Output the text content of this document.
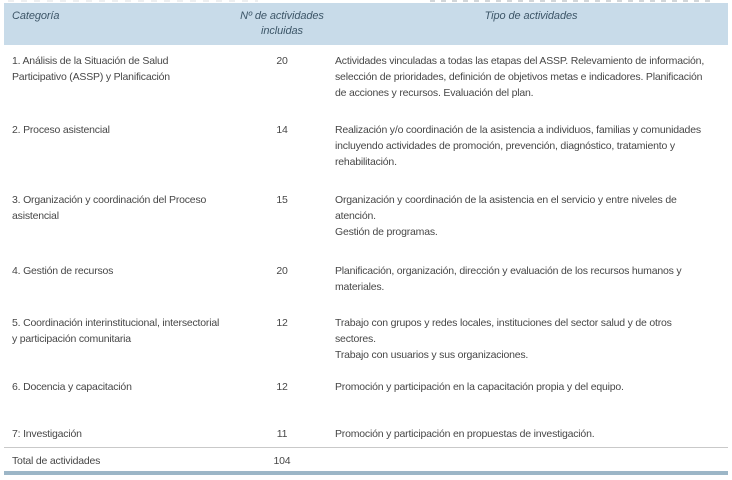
Categoría	Nº de actividades incluidas	Tipo de actividades
1. Análisis de la Situación de Salud Participativo (ASSP) y Planificación	20	Actividades vinculadas a todas las etapas del ASSP. Relevamiento de información, selección de prioridades, definición de objetivos metas e indicadores. Planificación de acciones y recursos. Evaluación del plan.

2. Proceso asistencial	14	Realización y/o coordinación de la asistencia a individuos, familias y comunidades incluyendo actividades de promoción, prevención, diagnóstico, tratamiento y rehabilitación.

3. Organización y coordinación del Proceso asistencial	15	Organización y coordinación de la asistencia en el servicio y entre niveles de atención.
Gestión de programas.

4. Gestión de recursos	20	Planificación, organización, dirección y evaluación de los recursos humanos y materiales.

5. Coordinación interinstitucional, intersectorial y participación comunitaria	12	Trabajo con grupos y redes locales, instituciones del sector salud y de otros sectores.
Trabajo con usuarios y sus organizaciones.

6. Docencia y capacitación	12	Promoción y participación en la capacitación propia y del equipo.

7: Investigación	11	Promoción y participación en propuestas de investigación.

Total de actividades	104	
